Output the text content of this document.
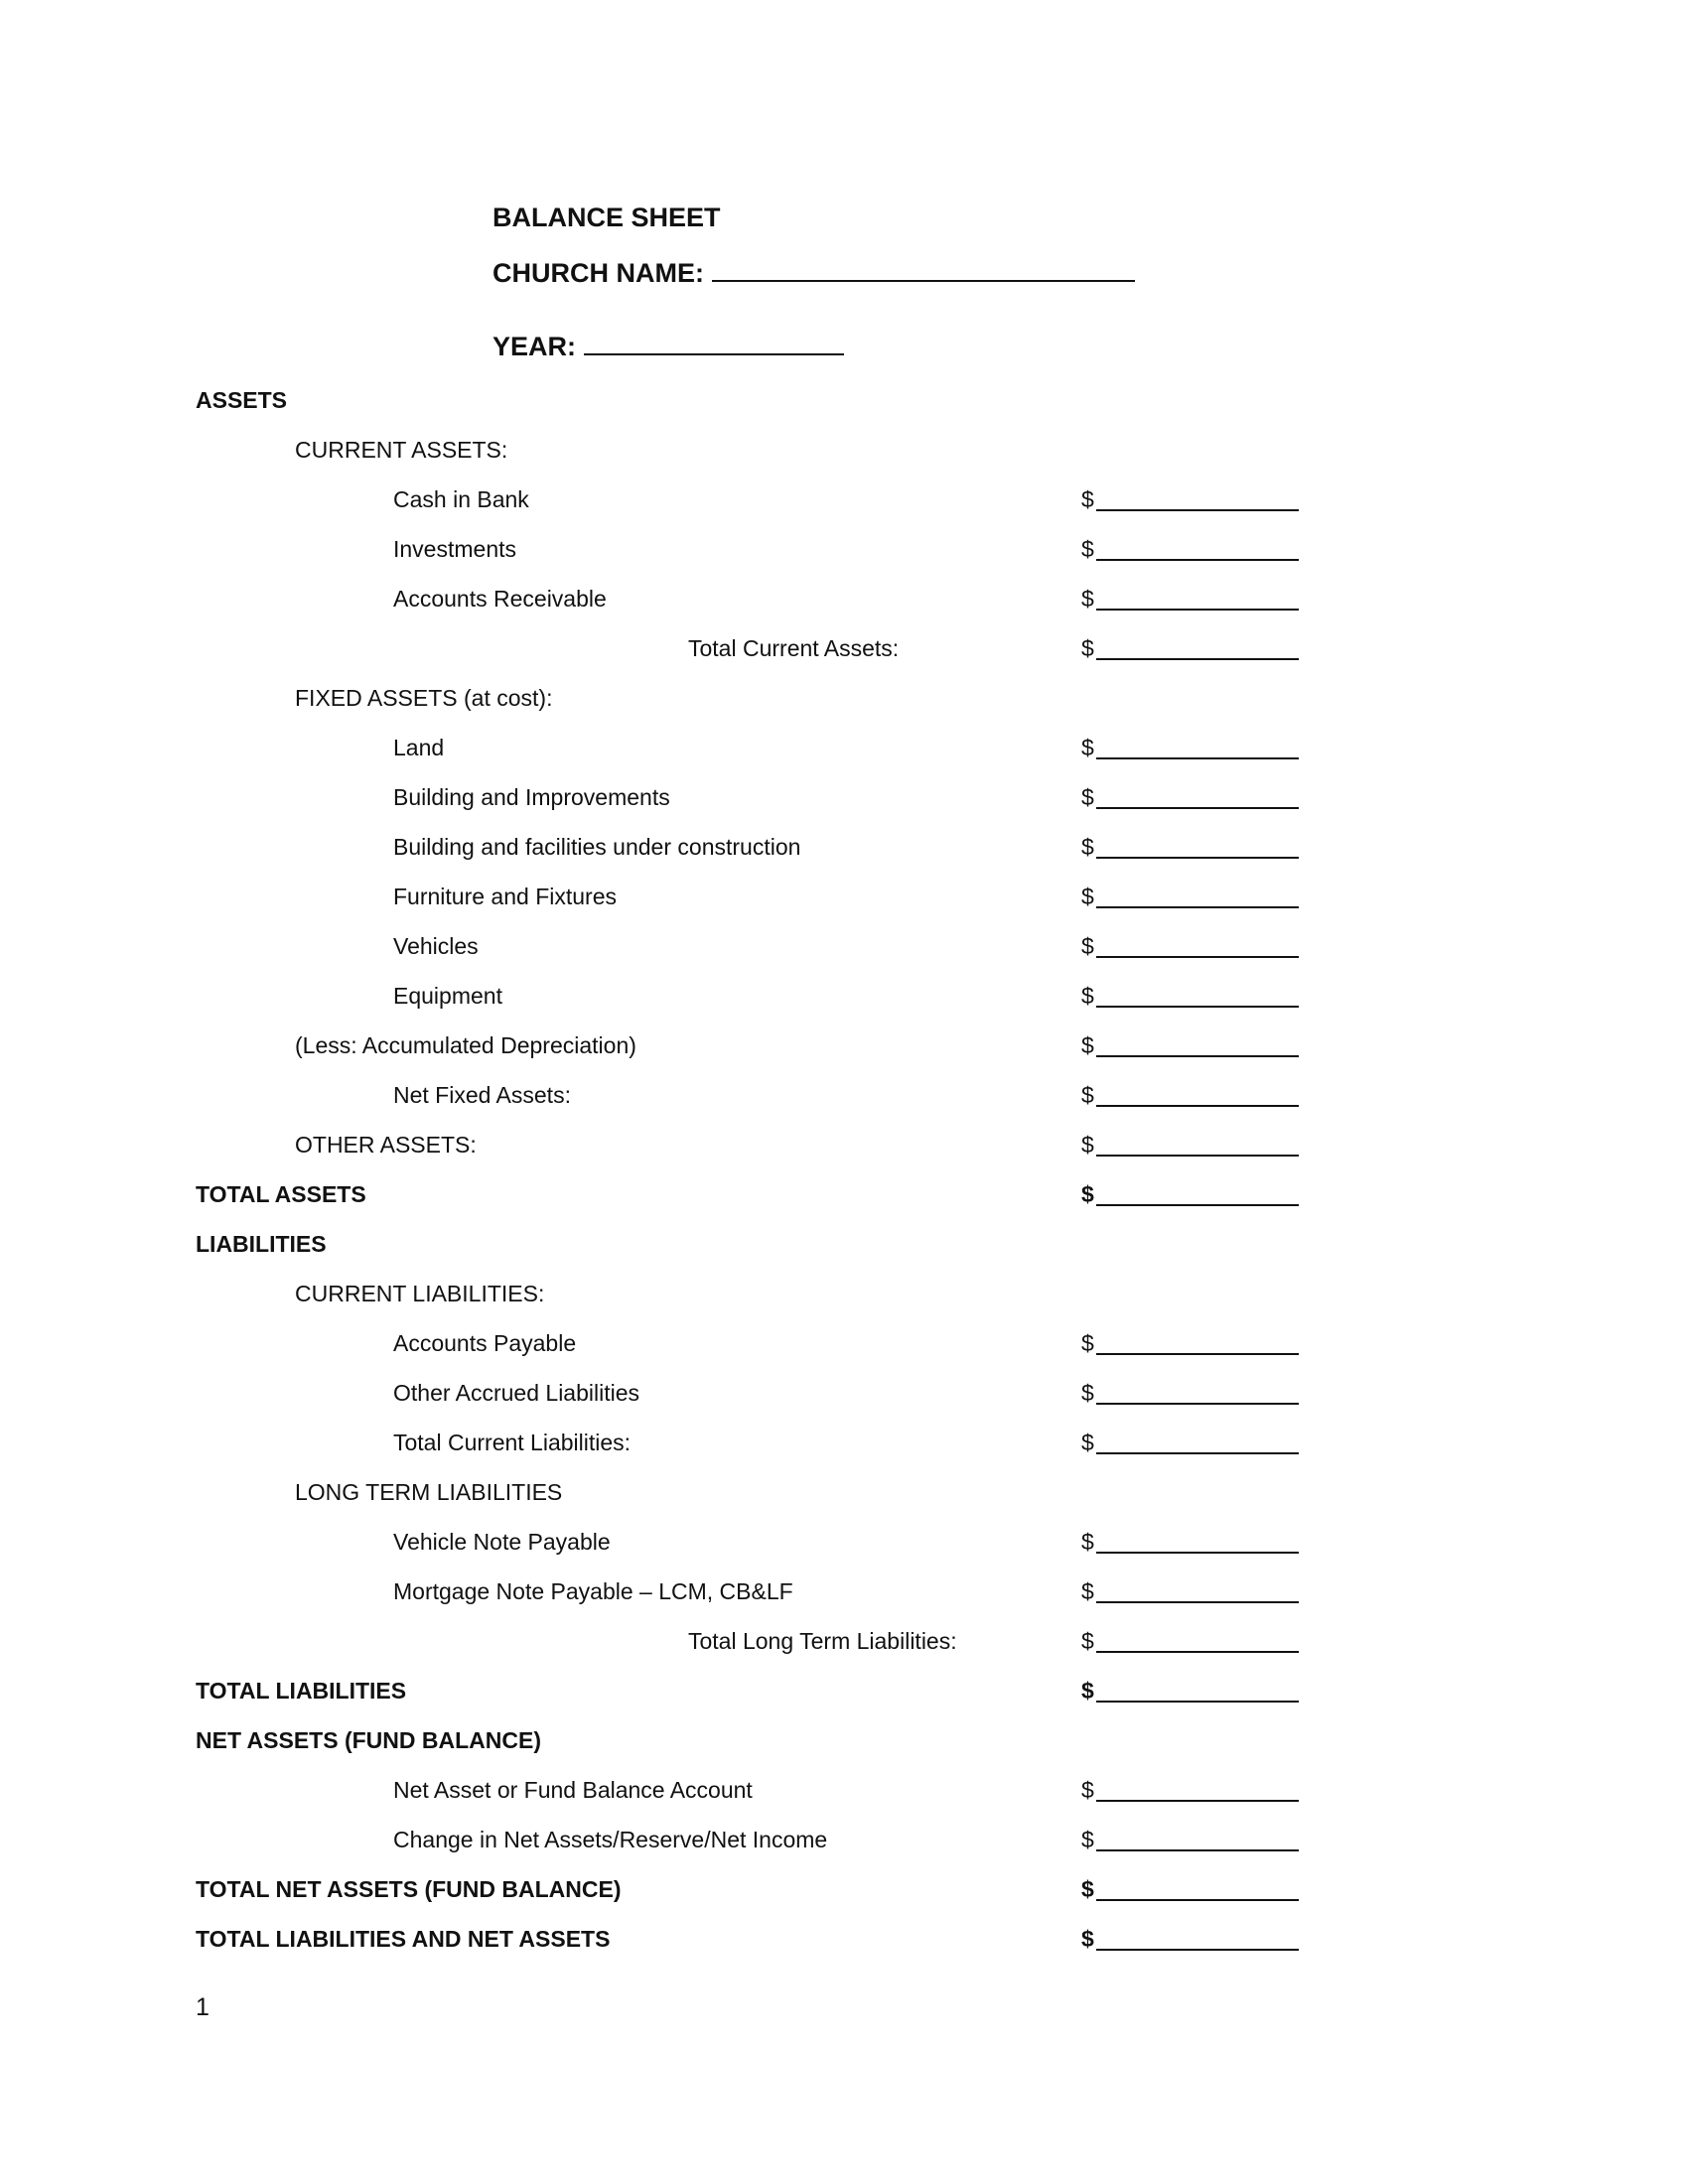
BALANCE SHEET
CHURCH NAME:
YEAR:
ASSETS
CURRENT ASSETS:
Cash in Bank	$
Investments	$
Accounts Receivable	$
Total Current Assets:	$
FIXED ASSETS (at cost):
Land	$
Building and Improvements	$
Building and facilities under construction	$
Furniture and Fixtures	$
Vehicles	$
Equipment	$
(Less: Accumulated Depreciation)	$
Net Fixed Assets:	$
OTHER ASSETS:	$
TOTAL ASSETS	$
LIABILITIES
CURRENT LIABILITIES:
Accounts Payable	$
Other Accrued Liabilities	$
Total Current Liabilities:	$
LONG TERM LIABILITIES
Vehicle Note Payable	$
Mortgage Note Payable – LCM, CB&LF	$
Total Long Term Liabilities:	$
TOTAL LIABILITIES	$
NET ASSETS (FUND BALANCE)
Net Asset or Fund Balance Account	$
Change in Net Assets/Reserve/Net Income	$
TOTAL NET ASSETS (FUND BALANCE)	$
TOTAL LIABILITIES AND NET ASSETS	$
1
